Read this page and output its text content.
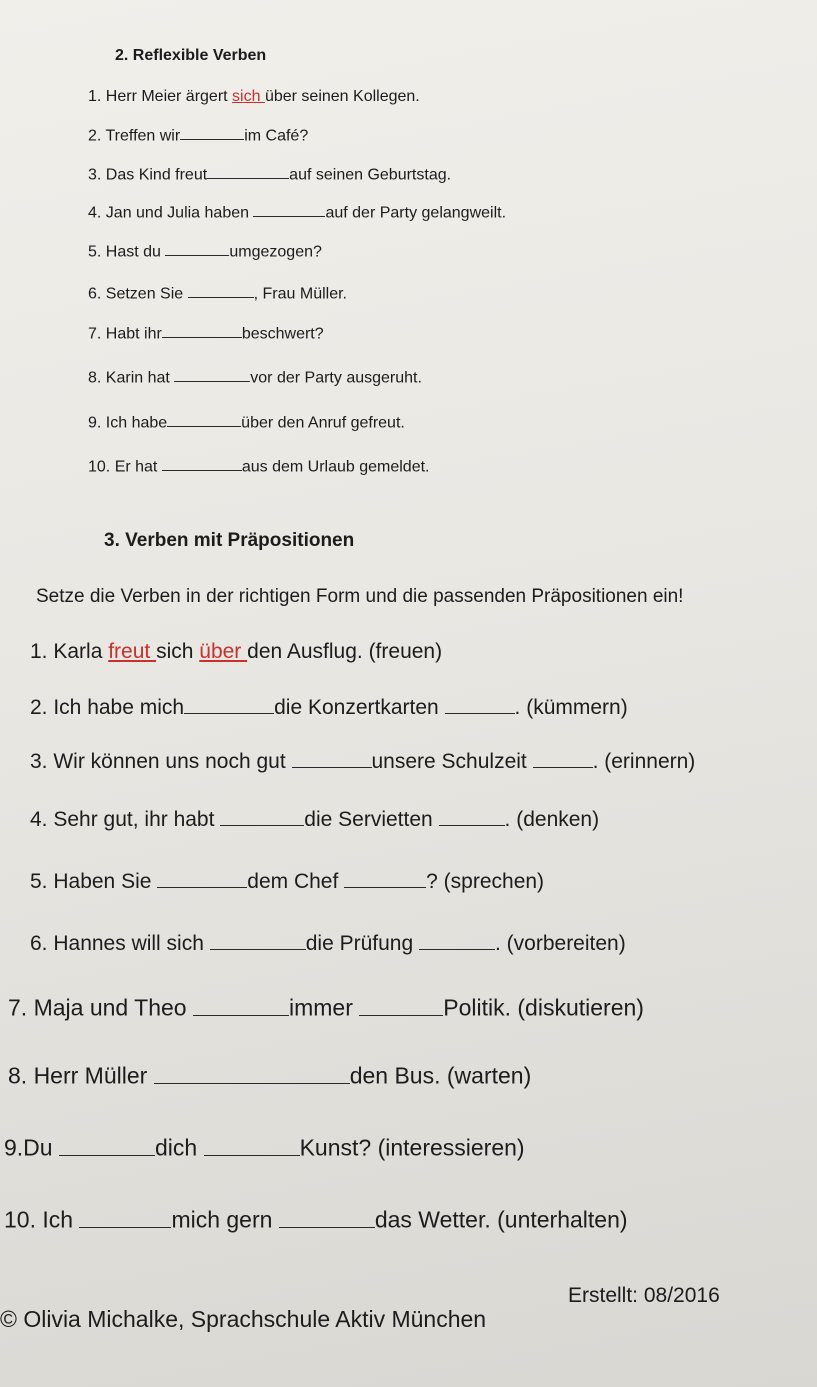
2. Reflexible Verben
1. Herr Meier ärgert sich über seinen Kollegen.
2. Treffen wir	im Café?
3. Das Kind freut	auf seinen Geburtstag.
4. Jan und Julia haben	auf der Party gelangweilt.
5. Hast du	umgezogen?
6. Setzen Sie	, Frau Müller.
7. Habt ihr	beschwert?
8. Karin hat	vor der Party ausgeruht.
9. Ich habe	über den Anruf gefreut.
10. Er hat	aus dem Urlaub gemeldet.
3. Verben mit Präpositionen
Setze die Verben in der richtigen Form und die passenden Präpositionen ein!
1. Karla freut sich über den Ausflug. (freuen)
2. Ich habe mich	die Konzertkarten	. (kümmern)
3. Wir können uns noch gut	unsere Schulzeit	. (erinnern)
4. Sehr gut, ihr habt	die Servietten	. (denken)
5. Haben Sie	dem Chef	? (sprechen)
6. Hannes will sich	die Prüfung	. (vorbereiten)
7. Maja und Theo	immer	Politik. (diskutieren)
8. Herr Müller	den Bus. (warten)
9.Du	dich	Kunst? (interessieren)
10. Ich	mich gern	das Wetter. (unterhalten)
© Olivia Michalke, Sprachschule Aktiv München
Erstellt: 08/2016
